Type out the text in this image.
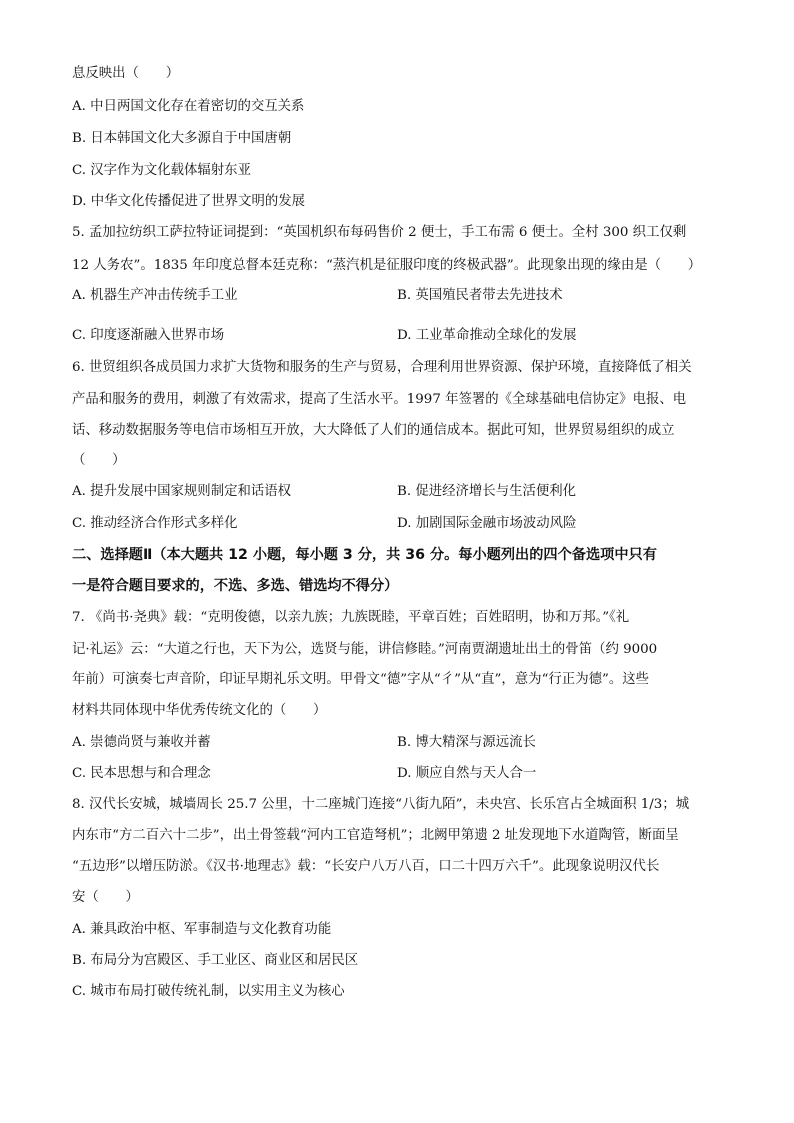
息反映出（　　）
A. 中日两国文化存在着密切的交互关系
B. 日本韩国文化大多源自于中国唐朝
C. 汉字作为文化载体辐射东亚
D. 中华文化传播促进了世界文明的发展
5. 孟加拉纺织工萨拉特证词提到：“英国机织布每码售价 2 便士，手工布需 6 便士。全村 300 织工仅剩
12 人务农”。1835 年印度总督本廷克称：“蒸汽机是征服印度的终极武器”。此现象出现的缘由是（　　）
A. 机器生产冲击传统手工业	B. 英国殖民者带去先进技术
C. 印度逐渐融入世界市场	D. 工业革命推动全球化的发展
6. 世贸组织各成员国力求扩大货物和服务的生产与贸易，合理利用世界资源、保护环境，直接降低了相关
产品和服务的费用，刺激了有效需求，提高了生活水平。1997 年签署的《全球基础电信协定》电报、电
话、移动数据服务等电信市场相互开放，大大降低了人们的通信成本。据此可知，世界贸易组织的成立
（　　）
A. 提升发展中国家规则制定和话语权	B. 促进经济增长与生活便利化
C. 推动经济合作形式多样化	D. 加剧国际金融市场波动风险
二、选择题Ⅱ（本大题共 12 小题，每小题 3 分，共 36 分。每小题列出的四个备选项中只有
一是符合题目要求的，不选、多选、错选均不得分）
7. 《尚书·尧典》载：“克明俊德，以亲九族；九族既睦，平章百姓；百姓昭明，协和万邦。”《礼
记·礼运》云：“大道之行也，天下为公，选贤与能，讲信修睦。”河南贾湖遗址出土的骨笛（约 9000
年前）可演奏七声音阶，印证早期礼乐文明。甲骨文“德”字从“彳”从“直”，意为“行正为德”。这些
材料共同体现中华优秀传统文化的（　　）
A. 崇德尚贤与兼收并蓄	B. 博大精深与源远流长
C. 民本思想与和合理念	D. 顺应自然与天人合一
8. 汉代长安城，城墙周长 25.7 公里，十二座城门连接“八街九陌”，未央宫、长乐宫占全城面积 1/3；城
内东市“方二百六十二步”，出土骨签载“河内工官造弩机”；北阙甲第遗 2 址发现地下水道陶管，断面呈
“五边形”以增压防淤。《汉书·地理志》载：“长安户八万八百，口二十四万六千”。此现象说明汉代长
安（　　）
A. 兼具政治中枢、军事制造与文化教育功能
B. 布局分为宫殿区、手工业区、商业区和居民区
C. 城市布局打破传统礼制，以实用主义为核心
